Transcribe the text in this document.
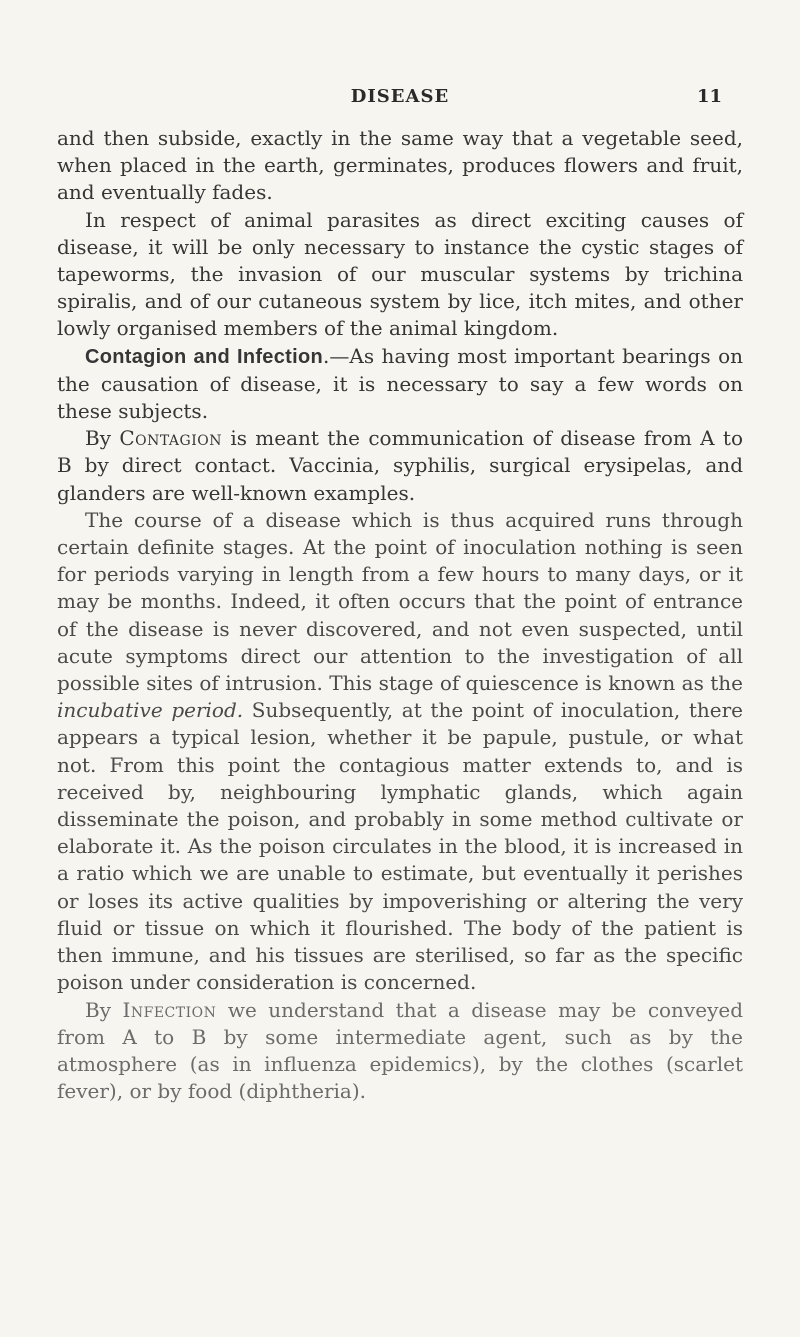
DISEASE	11

and then subside, exactly in the same way that a vegetable seed, when placed in the earth, germinates, produces flowers and fruit, and eventually fades.

In respect of animal parasites as direct exciting causes of disease, it will be only necessary to instance the cystic stages of tapeworms, the invasion of our muscular systems by trichina spiralis, and of our cutaneous system by lice, itch mites, and other lowly organised members of the animal kingdom.

Contagion and Infection.—As having most important bearings on the causation of disease, it is necessary to say a few words on these subjects.

By Contagion is meant the communication of disease from A to B by direct contact. Vaccinia, syphilis, surgical erysipelas, and glanders are well-known examples.

The course of a disease which is thus acquired runs through certain definite stages. At the point of inoculation nothing is seen for periods varying in length from a few hours to many days, or it may be months. Indeed, it often occurs that the point of entrance of the disease is never discovered, and not even suspected, until acute symptoms direct our attention to the investigation of all possible sites of intrusion. This stage of quiescence is known as the incubative period. Subsequently, at the point of inoculation, there appears a typical lesion, whether it be papule, pustule, or what not. From this point the contagious matter extends to, and is received by, neighbouring lymphatic glands, which again disseminate the poison, and probably in some method cultivate or elaborate it. As the poison circulates in the blood, it is increased in a ratio which we are unable to estimate, but eventually it perishes or loses its active qualities by impoverishing or altering the very fluid or tissue on which it flourished. The body of the patient is then immune, and his tissues are sterilised, so far as the specific poison under consideration is concerned.

By Infection we understand that a disease may be conveyed from A to B by some intermediate agent, such as by the atmosphere (as in influenza epidemics), by the clothes (scarlet fever), or by food (diphtheria).
